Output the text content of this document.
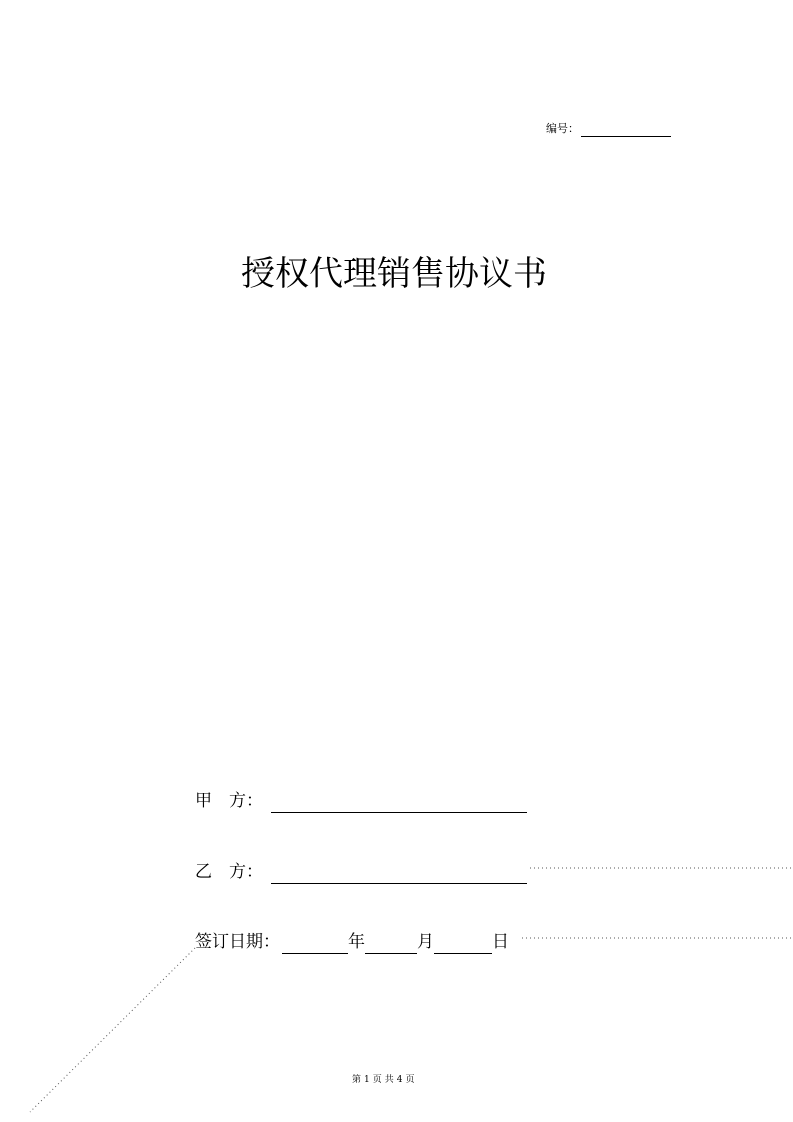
编号：
授权代理销售协议书
甲　方：
乙　方：
签订日期：	年	月	日
第 1 页 共 4 页
